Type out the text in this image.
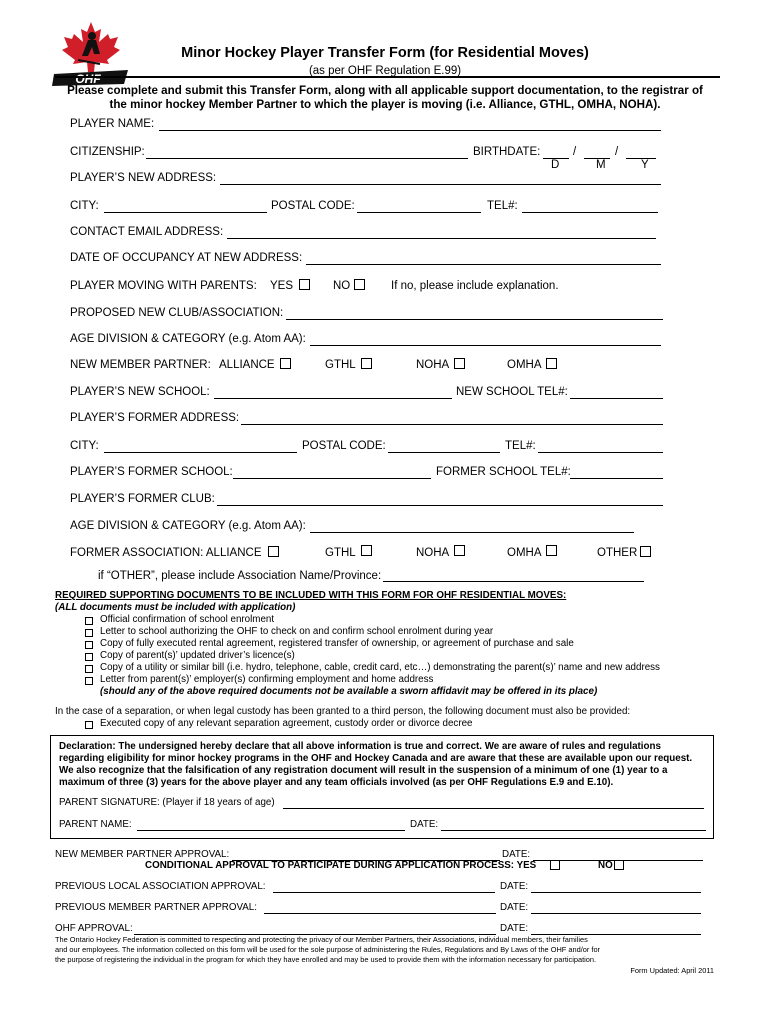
OHF
Minor Hockey Player Transfer Form (for Residential Moves)
(as per OHF Regulation E.99)
Please complete and submit this Transfer Form, along with all applicable support documentation, to the registrar of
the minor hockey Member Partner to which the player is moving (i.e. Alliance, GTHL, OMHA, NOHA).
PLAYER NAME:
CITIZENSHIP:	BIRTHDATE:	/	/
D	M	Y
PLAYER’S NEW ADDRESS:
CITY:	POSTAL CODE:	TEL#:
CONTACT EMAIL ADDRESS:
DATE OF OCCUPANCY AT NEW ADDRESS:
PLAYER MOVING WITH PARENTS: YES	NO	If no, please include explanation.
PROPOSED NEW CLUB/ASSOCIATION:
AGE DIVISION & CATEGORY (e.g. Atom AA):
NEW MEMBER PARTNER: ALLIANCE	GTHL	NOHA	OMHA
PLAYER’S NEW SCHOOL:	NEW SCHOOL TEL#:
PLAYER’S FORMER ADDRESS:
CITY:	POSTAL CODE:	TEL#:
PLAYER’S FORMER SCHOOL:	FORMER SCHOOL TEL#:
PLAYER’S FORMER CLUB:
AGE DIVISION & CATEGORY (e.g. Atom AA):
FORMER ASSOCIATION: ALLIANCE	GTHL	NOHA	OMHA	OTHER
if “OTHER”, please include Association Name/Province:
REQUIRED SUPPORTING DOCUMENTS TO BE INCLUDED WITH THIS FORM FOR OHF RESIDENTIAL MOVES:
(ALL documents must be included with application)
Official confirmation of school enrolment
Letter to school authorizing the OHF to check on and confirm school enrolment during year
Copy of fully executed rental agreement, registered transfer of ownership, or agreement of purchase and sale
Copy of parent(s)’ updated driver’s licence(s)
Copy of a utility or similar bill (i.e. hydro, telephone, cable, credit card, etc…) demonstrating the parent(s)’ name and new address
Letter from parent(s)’ employer(s) confirming employment and home address
(should any of the above required documents not be available a sworn affidavit may be offered in its place)
In the case of a separation, or when legal custody has been granted to a third person, the following document must also be provided:
Executed copy of any relevant separation agreement, custody order or divorce decree
Declaration: The undersigned hereby declare that all above information is true and correct. We are aware of rules and regulations
regarding eligibility for minor hockey programs in the OHF and Hockey Canada and are aware that these are available upon our request.
We also recognize that the falsification of any registration document will result in the suspension of a minimum of one (1) year to a
maximum of three (3) years for the above player and any team officials involved (as per OHF Regulations E.9 and E.10).
PARENT SIGNATURE: (Player if 18 years of age)
PARENT NAME:	DATE:
NEW MEMBER PARTNER APPROVAL:	DATE:
CONDITIONAL APPROVAL TO PARTICIPATE DURING APPLICATION PROCESS: YES	NO
PREVIOUS LOCAL ASSOCIATION APPROVAL:	DATE:
PREVIOUS MEMBER PARTNER APPROVAL:	DATE:
OHF APPROVAL:	DATE:
The Ontario Hockey Federation is committed to respecting and protecting the privacy of our Member Partners, their Associations, individual members, their families
and our employees. The information collected on this form will be used for the sole purpose of administering the Rules, Regulations and By Laws of the OHF and/or for
the purpose of registering the individual in the program for which they have enrolled and may be used to provide them with the information necessary for participation.
Form Updated: April 2011
